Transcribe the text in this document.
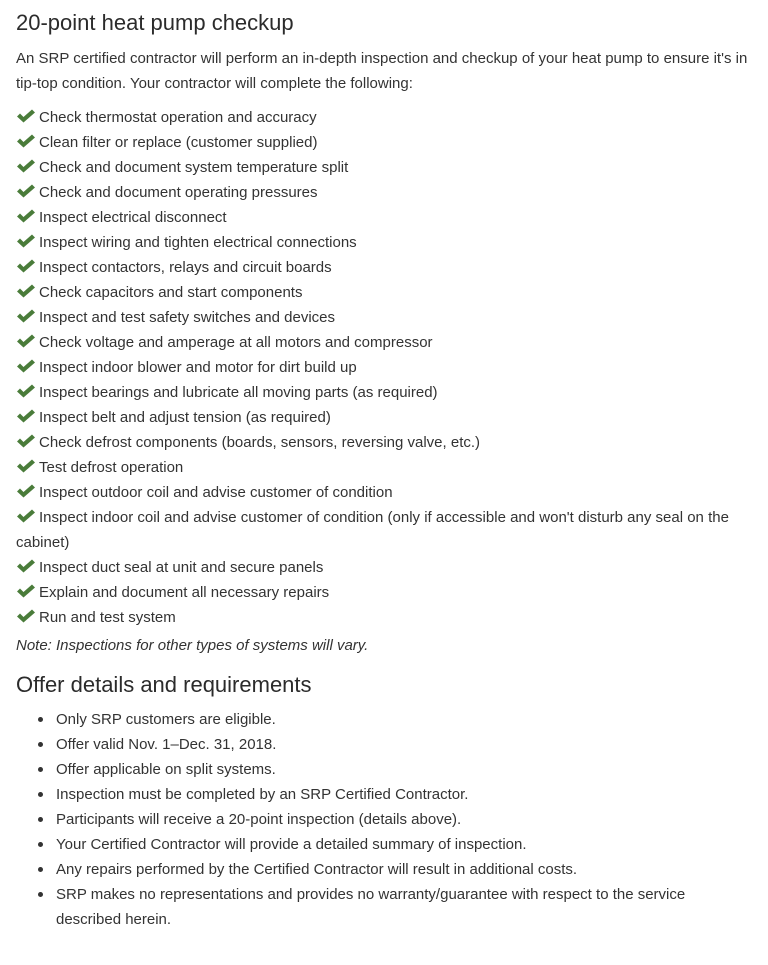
20-point heat pump checkup

An SRP certified contractor will perform an in-depth inspection and checkup of your heat pump to ensure it's in tip-top condition. Your contractor will complete the following:

Check thermostat operation and accuracy
Clean filter or replace (customer supplied)
Check and document system temperature split
Check and document operating pressures
Inspect electrical disconnect
Inspect wiring and tighten electrical connections
Inspect contactors, relays and circuit boards
Check capacitors and start components
Inspect and test safety switches and devices
Check voltage and amperage at all motors and compressor
Inspect indoor blower and motor for dirt build up
Inspect bearings and lubricate all moving parts (as required)
Inspect belt and adjust tension (as required)
Check defrost components (boards, sensors, reversing valve, etc.)
Test defrost operation
Inspect outdoor coil and advise customer of condition
Inspect indoor coil and advise customer of condition (only if accessible and won't disturb any seal on the cabinet)
Inspect duct seal at unit and secure panels
Explain and document all necessary repairs
Run and test system

Note: Inspections for other types of systems will vary.

Offer details and requirements
Only SRP customers are eligible.
Offer valid Nov. 1–Dec. 31, 2018.
Offer applicable on split systems.
Inspection must be completed by an SRP Certified Contractor.
Participants will receive a 20-point inspection (details above).
Your Certified Contractor will provide a detailed summary of inspection.
Any repairs performed by the Certified Contractor will result in additional costs.
SRP makes no representations and provides no warranty/guarantee with respect to the service described herein.
